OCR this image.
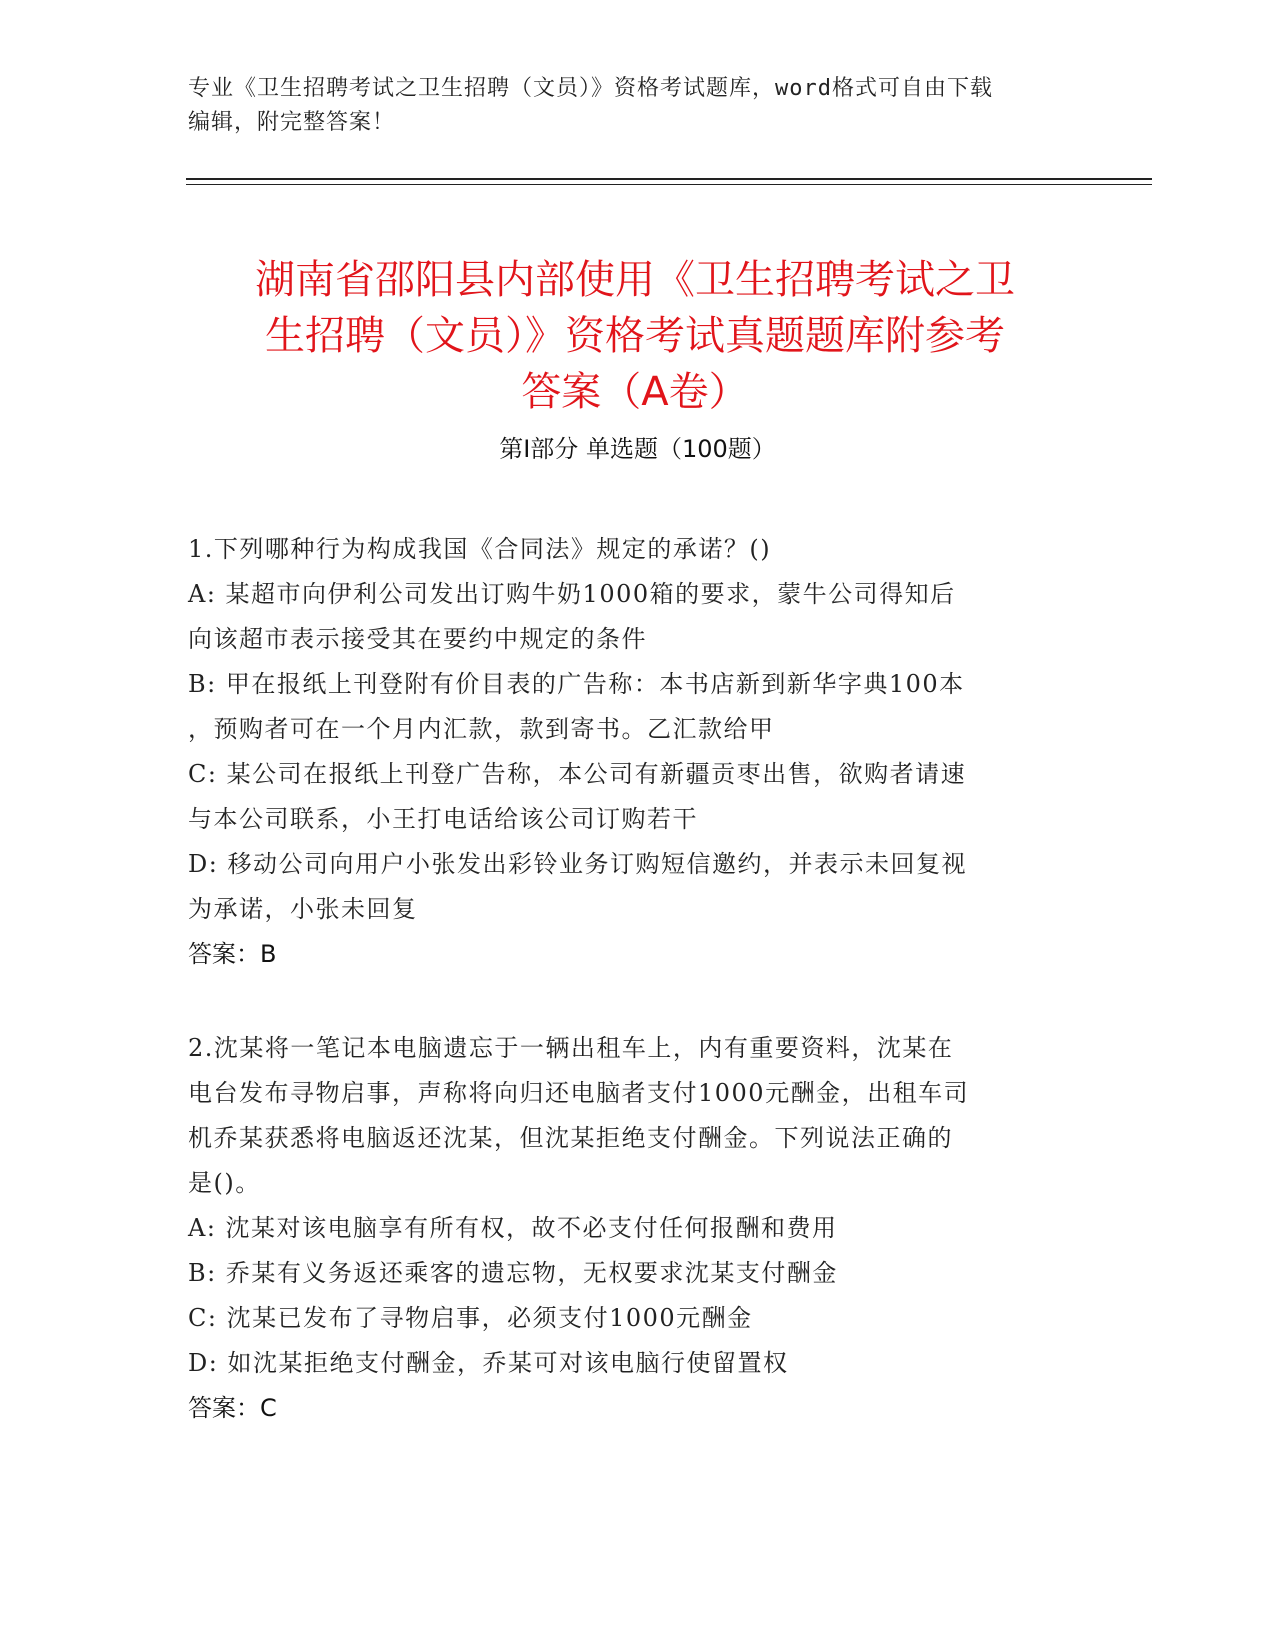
专业《卫生招聘考试之卫生招聘（文员）》资格考试题库，word格式可自由下载
编辑，附完整答案！
湖南省邵阳县内部使用《卫生招聘考试之卫
生招聘（文员）》资格考试真题题库附参考
答案（A卷）
第Ⅰ部分 单选题（100题）
1.下列哪种行为构成我国《合同法》规定的承诺？()
A: 某超市向伊利公司发出订购牛奶1000箱的要求，蒙牛公司得知后
向该超市表示接受其在要约中规定的条件
B: 甲在报纸上刊登附有价目表的广告称：本书店新到新华字典100本
，预购者可在一个月内汇款，款到寄书。乙汇款给甲
C: 某公司在报纸上刊登广告称，本公司有新疆贡枣出售，欲购者请速
与本公司联系，小王打电话给该公司订购若干
D: 移动公司向用户小张发出彩铃业务订购短信邀约，并表示未回复视
为承诺，小张未回复
答案：B
2.沈某将一笔记本电脑遗忘于一辆出租车上，内有重要资料，沈某在
电台发布寻物启事，声称将向归还电脑者支付1000元酬金，出租车司
机乔某获悉将电脑返还沈某，但沈某拒绝支付酬金。下列说法正确的
是()。
A: 沈某对该电脑享有所有权，故不必支付任何报酬和费用
B: 乔某有义务返还乘客的遗忘物，无权要求沈某支付酬金
C: 沈某已发布了寻物启事，必须支付1000元酬金
D: 如沈某拒绝支付酬金，乔某可对该电脑行使留置权
答案：C
